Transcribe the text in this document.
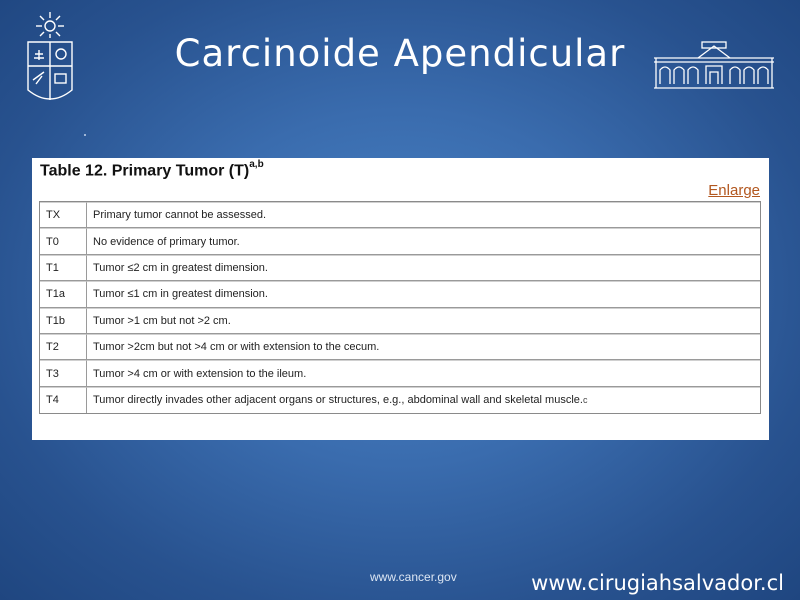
Carcinoide Apendicular
Table 12. Primary Tumor $(T)^{a,b}$
Enlarge
TX	Primary tumor cannot be assessed.
T0	No evidence of primary tumor.
T1	Tumor ≤2 cm in greatest dimension.
T1a	Tumor ≤1 cm in greatest dimension.
T1b	Tumor >1 cm but not >2 cm.
T2	Tumor >2cm but not >4 cm or with extension to the cecum.
T3	Tumor >4 cm or with extension to the ileum.
T4	Tumor directly invades other adjacent organs or structures, e.g., abdominal wall and skeletal muscle.c
www.cancer.gov	www.cirugiahsalvador.cl
